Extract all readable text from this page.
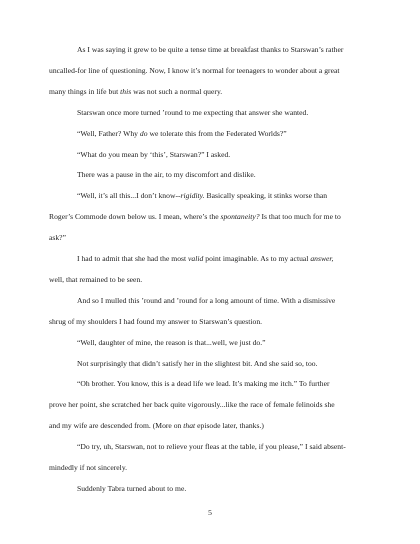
As I was saying it grew to be quite a tense time at breakfast thanks to Starswan’s rather
uncalled-for line of questioning. Now, I know it’s normal for teenagers to wonder about a great
many things in life but this was not such a normal query.
Starswan once more turned ’round to me expecting that answer she wanted.
“Well, Father? Why do we tolerate this from the Federated Worlds?”
“What do you mean by ‘this’, Starswan?” I asked.
There was a pause in the air, to my discomfort and dislike.
“Well, it’s all this...I don’t know--rigidity. Basically speaking, it stinks worse than
Roger’s Commode down below us. I mean, where’s the spontaneity? Is that too much for me to
ask?”
I had to admit that she had the most valid point imaginable. As to my actual answer,
well, that remained to be seen.
And so I mulled this ’round and ’round for a long amount of time. With a dismissive
shrug of my shoulders I had found my answer to Starswan’s question.
“Well, daughter of mine, the reason is that...well, we just do.”
Not surprisingly that didn’t satisfy her in the slightest bit. And she said so, too.
“Oh brother. You know, this is a dead life we lead. It’s making me itch.” To further
prove her point, she scratched her back quite vigorously...like the race of female felinoids she
and my wife are descended from. (More on that episode later, thanks.)
“Do try, uh, Starswan, not to relieve your fleas at the table, if you please,” I said absent-
mindedly if not sincerely.
Suddenly Tabra turned about to me.
5
